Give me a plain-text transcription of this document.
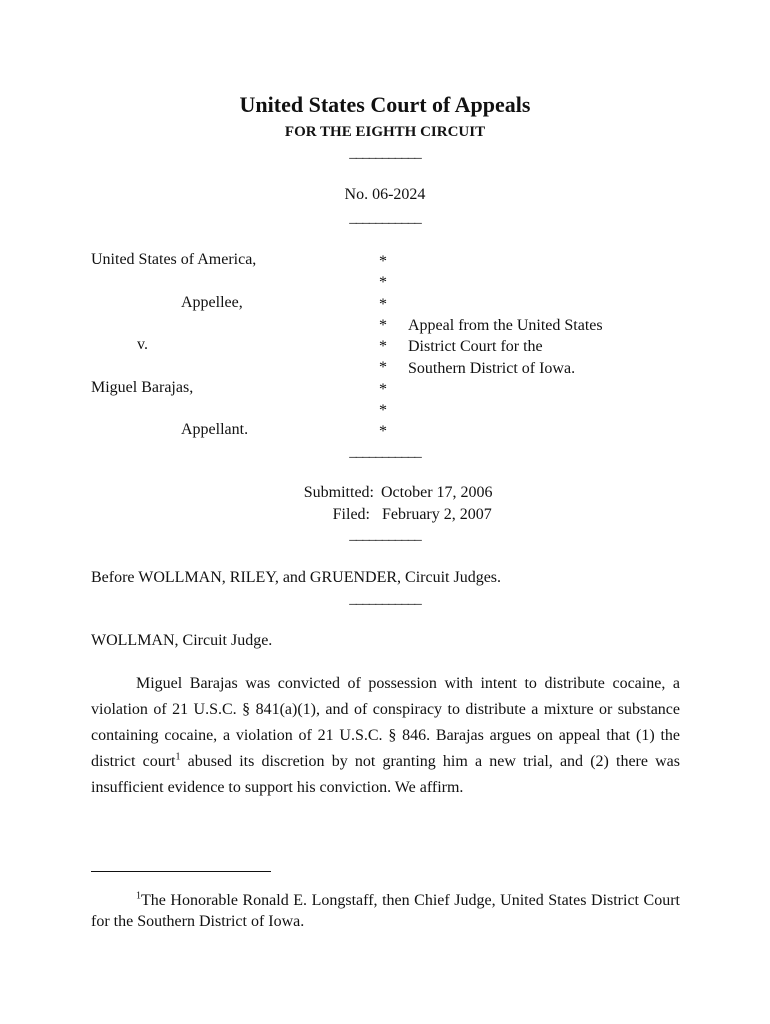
United States Court of Appeals
FOR THE EIGHTH CIRCUIT
___________
No. 06-2024
___________
United States of America,
Appellee,
v.
Miguel Barajas,
Appellant.
*
*
*
*
*
*
*
*
*
Appeal from the United States
District Court for the
Southern District of Iowa.
___________
Submitted: October 17, 2006
Filed: February 2, 2007
___________
Before WOLLMAN, RILEY, and GRUENDER, Circuit Judges.
___________
WOLLMAN, Circuit Judge.

Miguel Barajas was convicted of possession with intent to distribute cocaine, a violation of 21 U.S.C. § 841(a)(1), and of conspiracy to distribute a mixture or substance containing cocaine, a violation of 21 U.S.C. § 846. Barajas argues on appeal that (1) the district court$^1$ abused its discretion by not granting him a new trial, and (2) there was insufficient evidence to support his conviction. We affirm.

$^1$The Honorable Ronald E. Longstaff, then Chief Judge, United States District Court for the Southern District of Iowa.
